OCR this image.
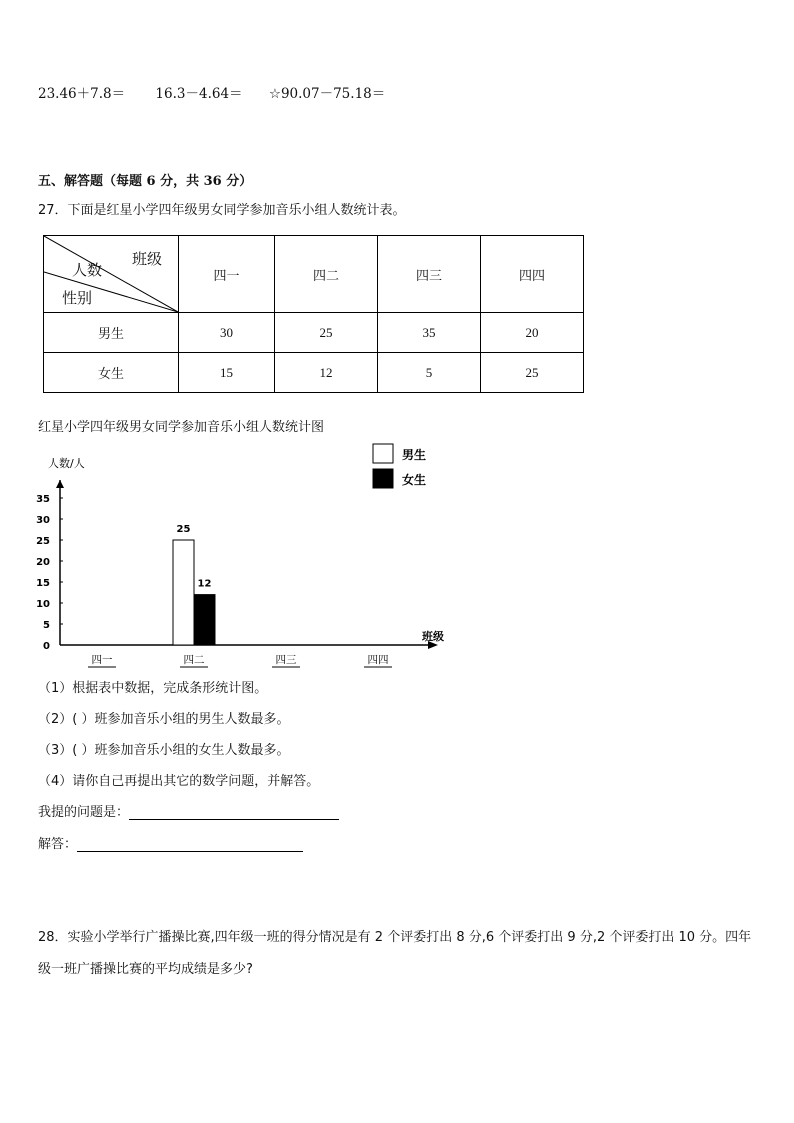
23.46＋7.8＝ 16.3－4.64＝ ☆90.07－75.18＝
五、解答题（每题 6 分，共 36 分）
27．下面是红星小学四年级男女同学参加音乐小组人数统计表。
班级
人数
性别	四一	四二	四三	四四
男生	30	25	35	20
女生	15	12	5	25
红星小学四年级男女同学参加音乐小组人数统计图
人数/人
班级
0
5
10
15
20
25
30
35
四一	四二	四三	四四
25
12
男生
女生
（1）根据表中数据，完成条形统计图。
（2）( ）班参加音乐小组的男生人数最多。
（3）( ）班参加音乐小组的女生人数最多。
（4）请你自己再提出其它的数学问题，并解答。
我提的问题是：
解答：
28．实验小学举行广播操比赛,四年级一班的得分情况是有 2 个评委打出 8 分,6 个评委打出 9 分,2 个评委打出 10 分。四年级一班广播操比赛的平均成绩是多少?
